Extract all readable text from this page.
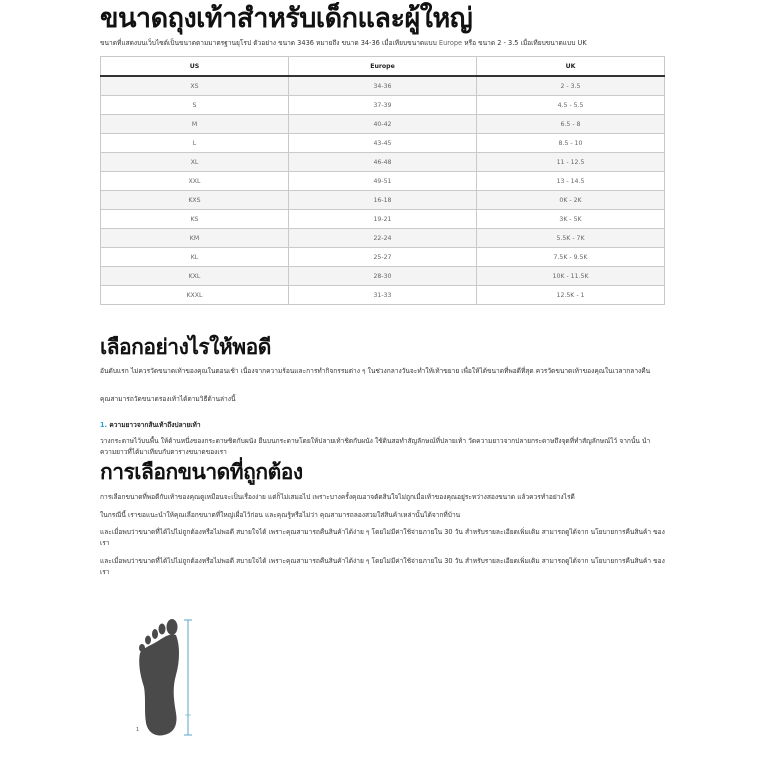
ขนาดถุงเท้าสำหรับเด็กและผู้ใหญ่
ขนาดที่แสดงบนเว็บไซต์เป็นขนาดตามมาตรฐานยุโรป ตัวอย่าง ขนาด 3436 หมายถึง ขนาด 34-36 เมื่อเทียบขนาดแบบ Europe หรือ ขนาด 2 - 3.5 เมื่อเทียบขนาดแบบ UK
US	Europe	UK
XS	34-36	2 - 3.5
S	37-39	4.5 - 5.5
M	40-42	6.5 - 8
L	43-45	8.5 - 10
XL	46-48	11 - 12.5
XXL	49-51	13 - 14.5
KXS	16-18	0K - 2K
KS	19-21	3K - 5K
KM	22-24	5.5K - 7K
KL	25-27	7.5K - 9.5K
KXL	28-30	10K - 11.5K
KXXL	31-33	12.5K - 1
เลือกอย่างไรให้พอดี
อันดับแรก ไม่ควรวัดขนาดเท้าของคุณในตอนเช้า เนื่องจากความร้อนและการทำกิจกรรมต่าง ๆ ในช่วงกลางวันจะทำให้เท้าขยาย เพื่อให้ได้ขนาดที่พอดีที่สุด ควรวัดขนาดเท้าของคุณในเวลากลางคืน
คุณสามารถวัดขนาดรองเท้าได้ตามวิธีด้านล่างนี้
1. ความยาวจากส้นเท้าถึงปลายเท้า
วางกระดาษไว้บนพื้น ให้ด้านหนึ่งของกระดาษชิดกับผนัง ยืนบนกระดาษโดยให้ปลายเท้าชิดกับผนัง ใช้ดินสอทำสัญลักษณ์ที่ปลายเท้า วัดความยาวจากปลายกระดาษถึงจุดที่ทำสัญลักษณ์ไว้ จากนั้น นำความยาวที่ได้มาเทียบกับตารางขนาดของเรา
การเลือกขนาดที่ถูกต้อง
การเลือกขนาดที่พอดีกับเท้าของคุณดูเหมือนจะเป็นเรื่องง่าย แต่ก็ไม่เสมอไป เพราะบางครั้งคุณอาจตัดสินใจไม่ถูกเมื่อเท้าของคุณอยู่ระหว่างสองขนาด แล้วควรทำอย่างไรดี
ในกรณีนี้ เราขอแนะนำให้คุณเลือกขนาดที่ใหญ่เผื่อไว้ก่อน และคุณรู้หรือไม่ว่า คุณสามารถลองสวมใส่สินค้าเหล่านั้นได้จากที่บ้าน
และเมื่อพบว่าขนาดที่ได้ไปไม่ถูกต้องหรือไม่พอดี สบายใจได้ เพราะคุณสามารถคืนสินค้าได้ง่าย ๆ โดยไม่มีค่าใช้จ่ายภายใน 30 วัน สำหรับรายละเอียดเพิ่มเติม สามารถดูได้จาก นโยบายการคืนสินค้า ของเรา
และเมื่อพบว่าขนาดที่ได้ไปไม่ถูกต้องหรือไม่พอดี สบายใจได้ เพราะคุณสามารถคืนสินค้าได้ง่าย ๆ โดยไม่มีค่าใช้จ่ายภายใน 30 วัน สำหรับรายละเอียดเพิ่มเติม สามารถดูได้จาก นโยบายการคืนสินค้า ของเรา
1
